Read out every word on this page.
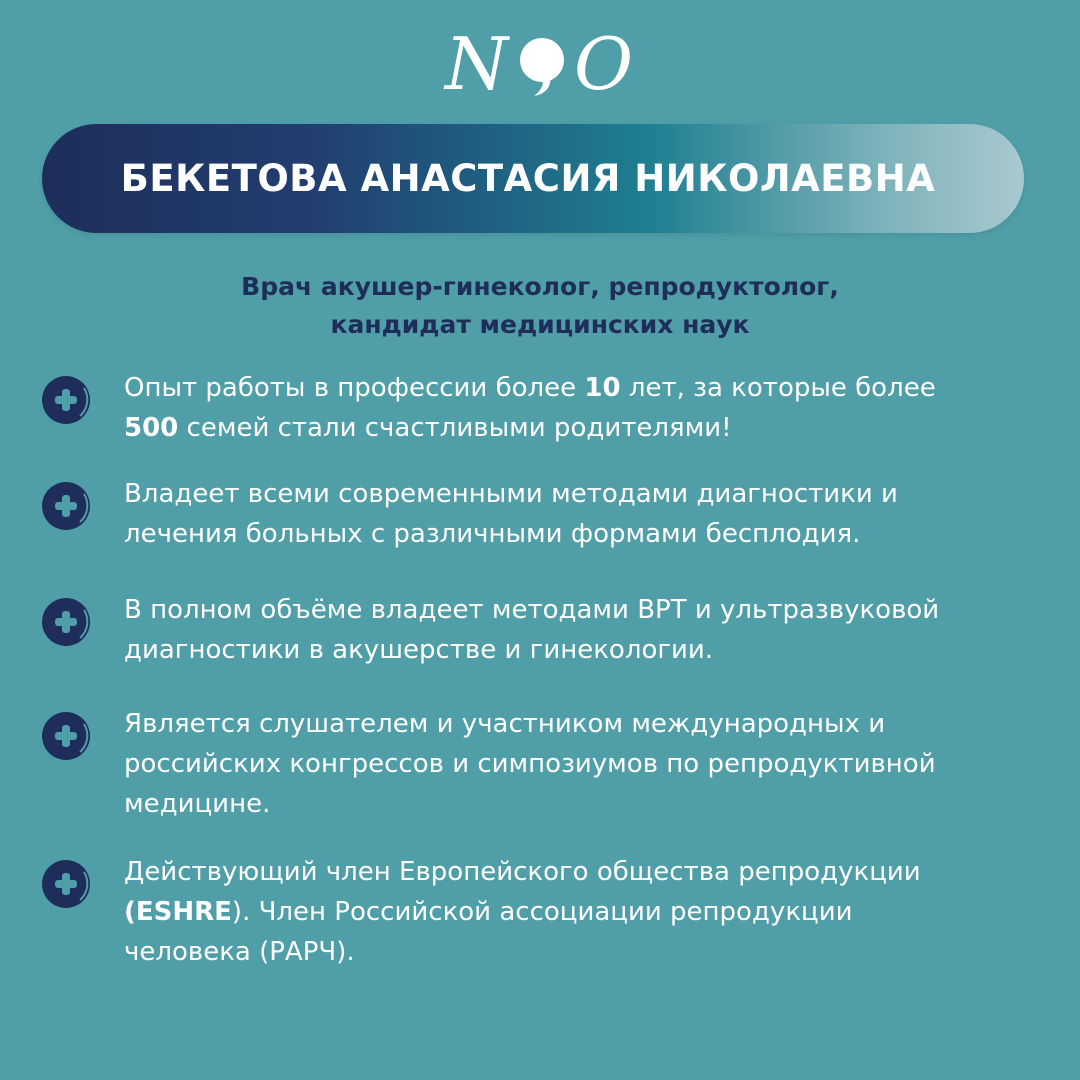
N O
БЕКЕТОВА АНАСТАСИЯ НИКОЛАЕВНА
Врач акушер-гинеколог, репродуктолог,
кандидат медицинских наук
Опыт работы в профессии более 10 лет, за которые более
500 семей стали счастливыми родителями!
Владеет всеми современными методами диагностики и
лечения больных с различными формами бесплодия.
В полном объёме владеет методами ВРТ и ультразвуковой
диагностики в акушерстве и гинекологии.
Является слушателем и участником международных и
российских конгрессов и симпозиумов по репродуктивной
медицине.
Действующий член Европейского общества репродукции
(ESHRE). Член Российской ассоциации репродукции
человека (РАРЧ).
